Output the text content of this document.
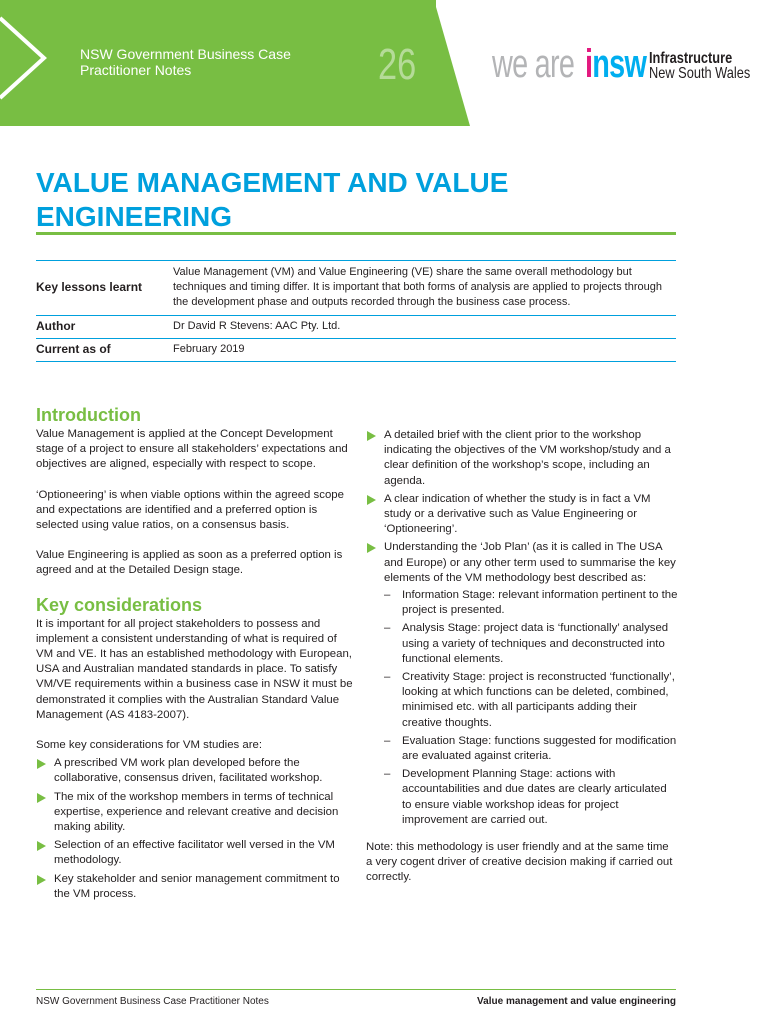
NSW Government Business Case
Practitioner Notes	26 we are insw Infrastructure
New South Wales
VALUE MANAGEMENT AND VALUE ENGINEERING
Key lessons learnt	Value Management (VM) and Value Engineering (VE) share the same overall methodology but techniques and timing differ. It is important that both forms of analysis are applied to projects through the development phase and outputs recorded through the business case process.
Author	Dr David R Stevens: AAC Pty. Ltd.
Current as of	February 2019
Introduction

Value Management is applied at the Concept Development stage of a project to ensure all stakeholders’ expectations and objectives are aligned, especially with respect to scope.

‘Optioneering’ is when viable options within the agreed scope and expectations are identified and a preferred option is selected using value ratios, on a consensus basis.

Value Engineering is applied as soon as a preferred option is agreed and at the Detailed Design stage.

Key considerations

It is important for all project stakeholders to possess and implement a consistent understanding of what is required of VM and VE. It has an established methodology with European, USA and Australian mandated standards in place. To satisfy VM/VE requirements within a business case in NSW it must be demonstrated it complies with the Australian Standard Value Management (AS 4183-2007).

Some key considerations for VM studies are:

A prescribed VM work plan developed before the collaborative, consensus driven, facilitated workshop.
The mix of the workshop members in terms of technical expertise, experience and relevant creative and decision making ability.
Selection of an effective facilitator well versed in the VM methodology.
Key stakeholder and senior management commitment to the VM process.
A detailed brief with the client prior to the workshop indicating the objectives of the VM workshop/study and a clear definition of the workshop’s scope, including an agenda.
A clear indication of whether the study is in fact a VM study or a derivative such as Value Engineering or ‘Optioneering’.
Understanding the ‘Job Plan’ (as it is called in The USA and Europe) or any other term used to summarise the key elements of the VM methodology best described as:
– Information Stage: relevant information pertinent to the project is presented.
– Analysis Stage: project data is ‘functionally’ analysed using a variety of techniques and deconstructed into functional elements.
– Creativity Stage: project is reconstructed ‘functionally’, looking at which functions can be deleted, combined, minimised etc. with all participants adding their creative thoughts.
– Evaluation Stage: functions suggested for modification are evaluated against criteria.
– Development Planning Stage: actions with accountabilities and due dates are clearly articulated to ensure viable workshop ideas for project improvement are carried out.

Note: this methodology is user friendly and at the same time a very cogent driver of creative decision making if carried out correctly.

NSW Government Business Case Practitioner Notes	Value management and value engineering
